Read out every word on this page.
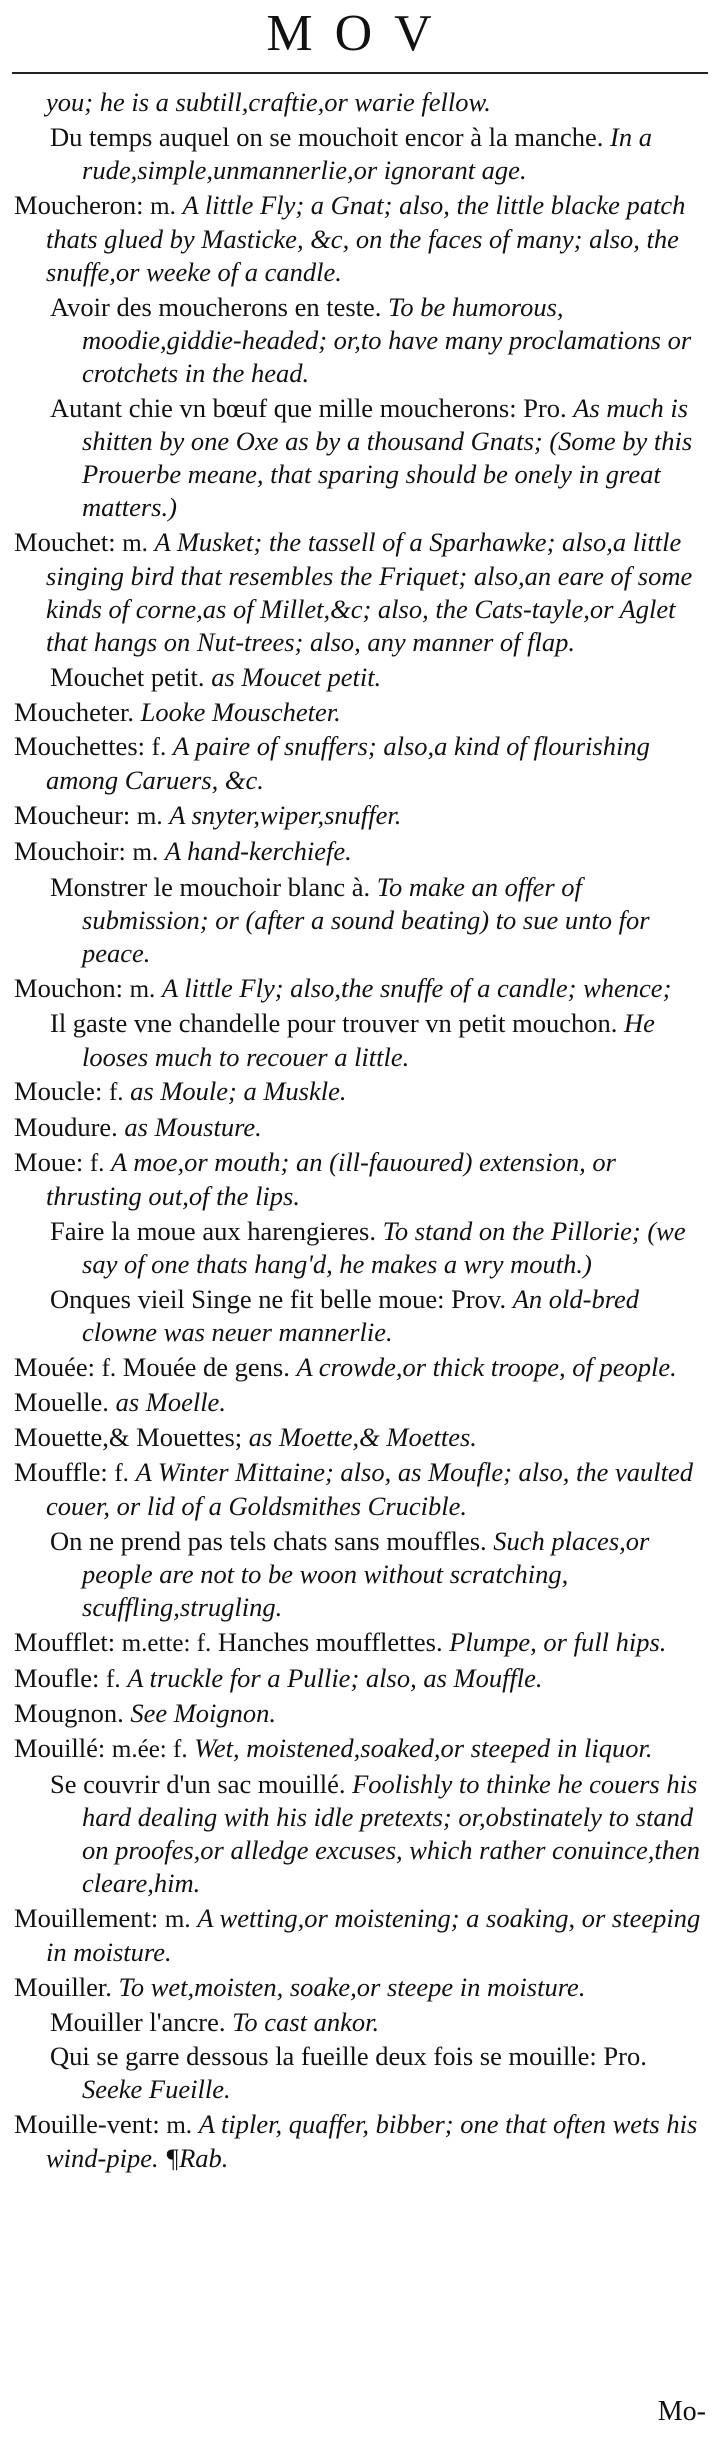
MOV
you; he is a subtill,craftie,or warie fellow.
Du temps auquel on se mouchoit encor à la manche. In a rude,simple,unmannerlie,or ignorant age.
Moucheron: m. A little Fly; a Gnat; also, the little blacke patch thats glued by Masticke, &c, on the faces of many; also, the snuffe,or weeke of a candle.
Avoir des moucherons en teste. To be humorous, moodie,giddie-headed; or,to have many proclamations or crotchets in the head.
Autant chie vn bœuf que mille moucherons: Pro. As much is shitten by one Oxe as by a thousand Gnats; (Some by this Prouerbe meane, that sparing should be onely in great matters.)
Mouchet: m. A Musket; the tassell of a Sparhawke; also,a little singing bird that resembles the Friquet; also,an eare of some kinds of corne,as of Millet,&c; also, the Cats-tayle,or Aglet that hangs on Nut-trees; also, any manner of flap.
Mouchet petit. as Moucet petit.
Moucheter. Looke Mouscheter.
Mouchettes: f. A paire of snuffers; also,a kind of flourishing among Caruers, &c.
Moucheur: m. A snyter,wiper,snuffer.
Mouchoir: m. A hand-kerchiefe.
Monstrer le mouchoir blanc à. To make an offer of submission; or (after a sound beating) to sue unto for peace.
Mouchon: m. A little Fly; also,the snuffe of a candle; whence;
Il gaste vne chandelle pour trouver vn petit mouchon. He looses much to recouer a little.
Moucle: f. as Moule; a Muskle.
Moudure. as Mousture.
Moue: f. A moe,or mouth; an (ill-fauoured) extension, or thrusting out,of the lips.
Faire la moue aux harengieres. To stand on the Pillorie; (we say of one thats hang'd, he makes a wry mouth.)
Onques vieil Singe ne fit belle moue: Prov. An old-bred clowne was neuer mannerlie.
Mouée: f. Mouée de gens. A crowde,or thick troope, of people.
Mouelle. as Moelle.
Mouette,& Mouettes; as Moette,& Moettes.
Mouffle: f. A Winter Mittaine; also, as Moufle; also, the vaulted couer, or lid of a Goldsmithes Crucible.
On ne prend pas tels chats sans mouffles. Such places,or people are not to be woon without scratching, scuffling,strugling.
Moufflet: m.ette: f. Hanches moufflettes. Plumpe, or full hips.
Moufle: f. A truckle for a Pullie; also, as Mouffle.
Mougnon. See Moignon.
Mouillé: m.ée: f. Wet, moistened,soaked,or steeped in liquor.
Se couvrir d'un sac mouillé. Foolishly to thinke he couers his hard dealing with his idle pretexts; or,obstinately to stand on proofes,or alledge excuses, which rather conuince,then cleare,him.
Mouillement: m. A wetting,or moistening; a soaking, or steeping in moisture.
Mouiller. To wet,moisten, soake,or steepe in moisture.
Mouiller l'ancre. To cast ankor.
Qui se garre dessous la fueille deux fois se mouille: Pro. Seeke Fueille.
Mouille-vent: m. A tipler, quaffer, bibber; one that often wets his wind-pipe. ¶Rab.
Mo-
